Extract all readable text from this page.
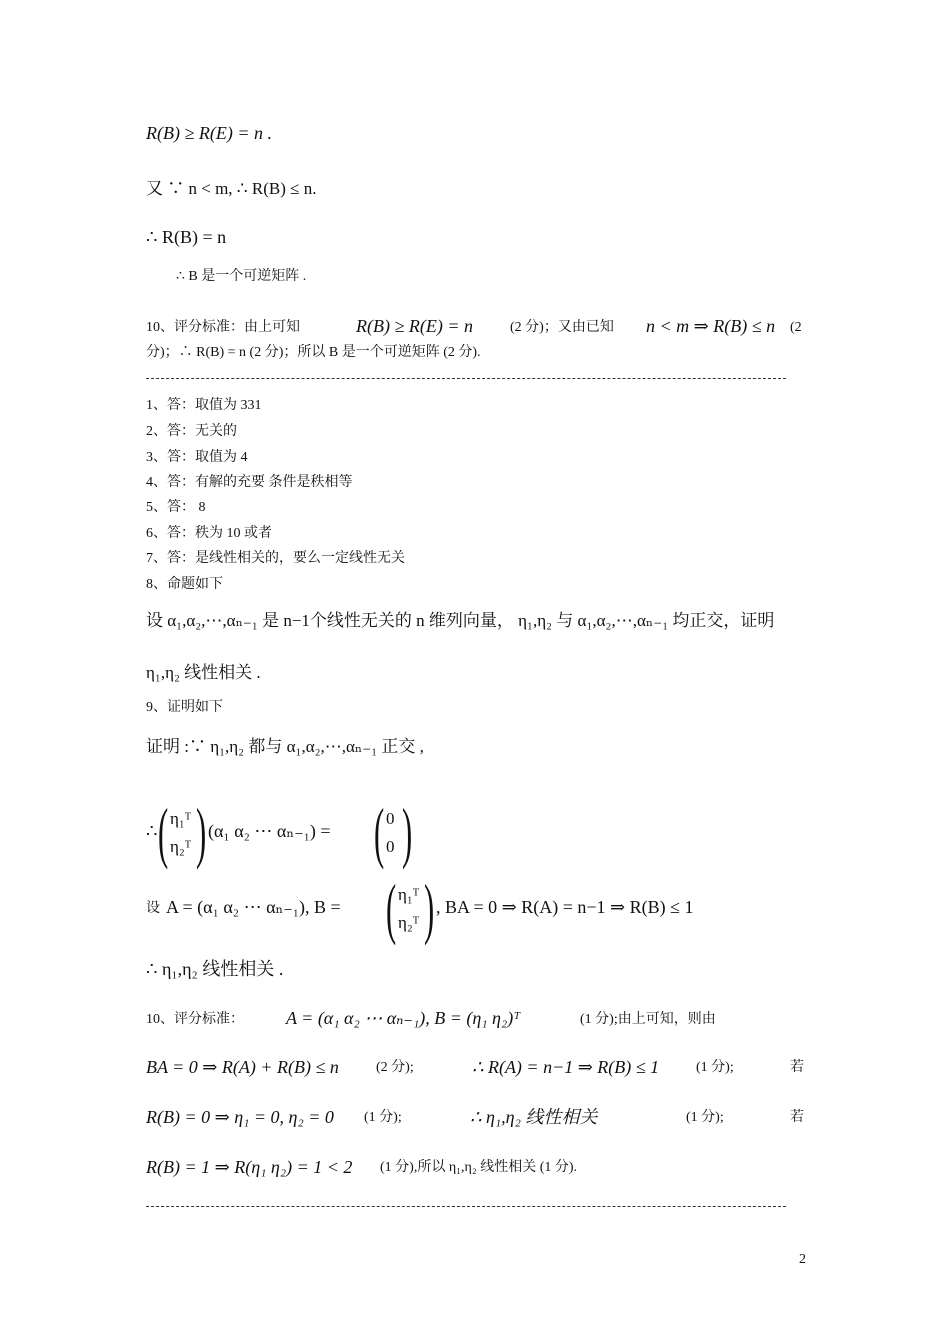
R(B) ≥ R(E) = n .
又 ∵ n < m, ∴ R(B) ≤ n.
∴ R(B) = n
∴ B 是一个可逆矩阵 .
10、评分标准：由上可知	R(B) ≥ R(E) = n	(2 分)；又由已知 n < m ⇒ R(B) ≤ n (2
分)；∴ R(B) = n (2 分)；所以 B 是一个可逆矩阵 (2 分).
1、答：取值为 331
2、答：无关的
3、答：取值为 4
4、答：有解的充要 条件是秩相等
5、答： 8
6、答：秩为 10 或者
7、答：是线性相关的，要么一定线性无关
8、命题如下
设 α₁,α₂,⋯,αₙ₋₁ 是 n−1个线性无关的 n 维列向量， η₁,η₂ 与 α₁,α₂,⋯,αₙ₋₁ 均正交，证明
η₁,η₂ 线性相关 .
9、证明如下
证明 :∵ η₁,η₂ 都与 α₁,α₂,⋯,αₙ₋₁ 正交 ,
∴ ( η₁ᵀ
η₂ᵀ ) (α₁ α₂ ⋯ αₙ₋₁) = ( 0
0 )
设 A = (α₁ α₂ ⋯ αₙ₋₁), B = ( η₁ᵀ
η₂ᵀ ) , BA = 0 ⇒ R(A) = n−1 ⇒ R(B) ≤ 1
∴ η₁,η₂ 线性相关 .
10、评分标准： A = (α₁ α₂ ⋯ αₙ₋₁), B = (η₁ η₂)ᵀ	(1 分);由上可知，则由
BA = 0 ⇒ R(A) + R(B) ≤ n	(2 分);	∴ R(A) = n−1 ⇒ R(B) ≤ 1	(1 分);	若
R(B) = 0 ⇒ η₁ = 0, η₂ = 0 (1 分);	∴ η₁,η₂ 线性相关	(1 分);	若
R(B) = 1 ⇒ R(η₁ η₂) = 1 < 2 (1 分),所以 η₁,η₂ 线性相关 (1 分).
2
